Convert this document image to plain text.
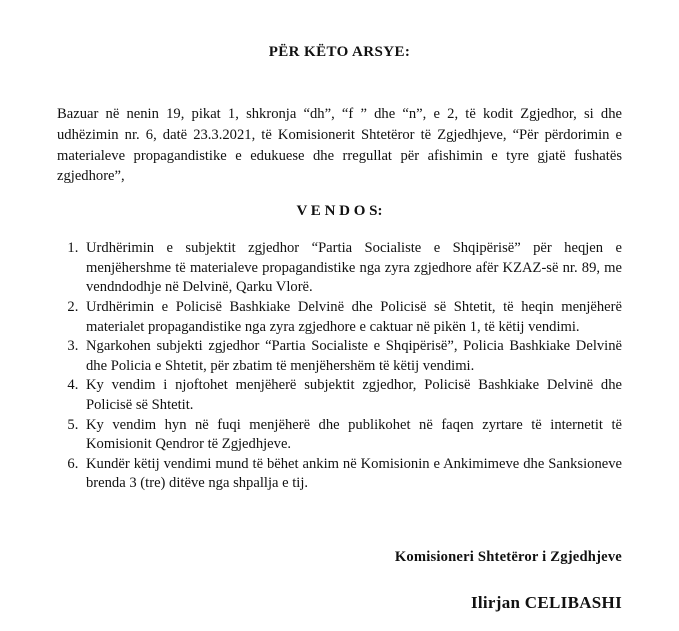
PËR KËTO ARSYE:

Bazuar në nenin 19, pikat 1, shkronja “dh”, “f ” dhe “n”, e 2, të kodit Zgjedhor, si dhe udhëzimin nr. 6, datë 23.3.2021, të Komisionerit Shtetëror të Zgjedhjeve, “Për përdorimin e materialeve propagandistike e edukuese dhe rregullat për afishimin e tyre gjatë fushatës zgjedhore”,

V E N D O S:
1. Urdhërimin e subjektit zgjedhor “Partia Socialiste e Shqipërisë” për heqjen e menjëhershme të materialeve propagandistike nga zyra zgjedhore afër KZAZ-së nr. 89, me vendndodhje në Delvinë, Qarku Vlorë.
2. Urdhërimin e Policisë Bashkiake Delvinë dhe Policisë së Shtetit, të heqin menjëherë materialet propagandistike nga zyra zgjedhore e caktuar në pikën 1, të këtij vendimi.
3. Ngarkohen subjekti zgjedhor “Partia Socialiste e Shqipërisë”, Policia Bashkiake Delvinë dhe Policia e Shtetit, për zbatim të menjëhershëm të këtij vendimi.
4. Ky vendim i njoftohet menjëherë subjektit zgjedhor, Policisë Bashkiake Delvinë dhe Policisë së Shtetit.
5. Ky vendim hyn në fuqi menjëherë dhe publikohet në faqen zyrtare të internetit të Komisionit Qendror të Zgjedhjeve.
6. Kundër këtij vendimi mund të bëhet ankim në Komisionin e Ankimimeve dhe Sanksioneve brenda 3 (tre) ditëve nga shpallja e tij.
Komisioneri Shtetëror i Zgjedhjeve
Ilirjan CELIBASHI
